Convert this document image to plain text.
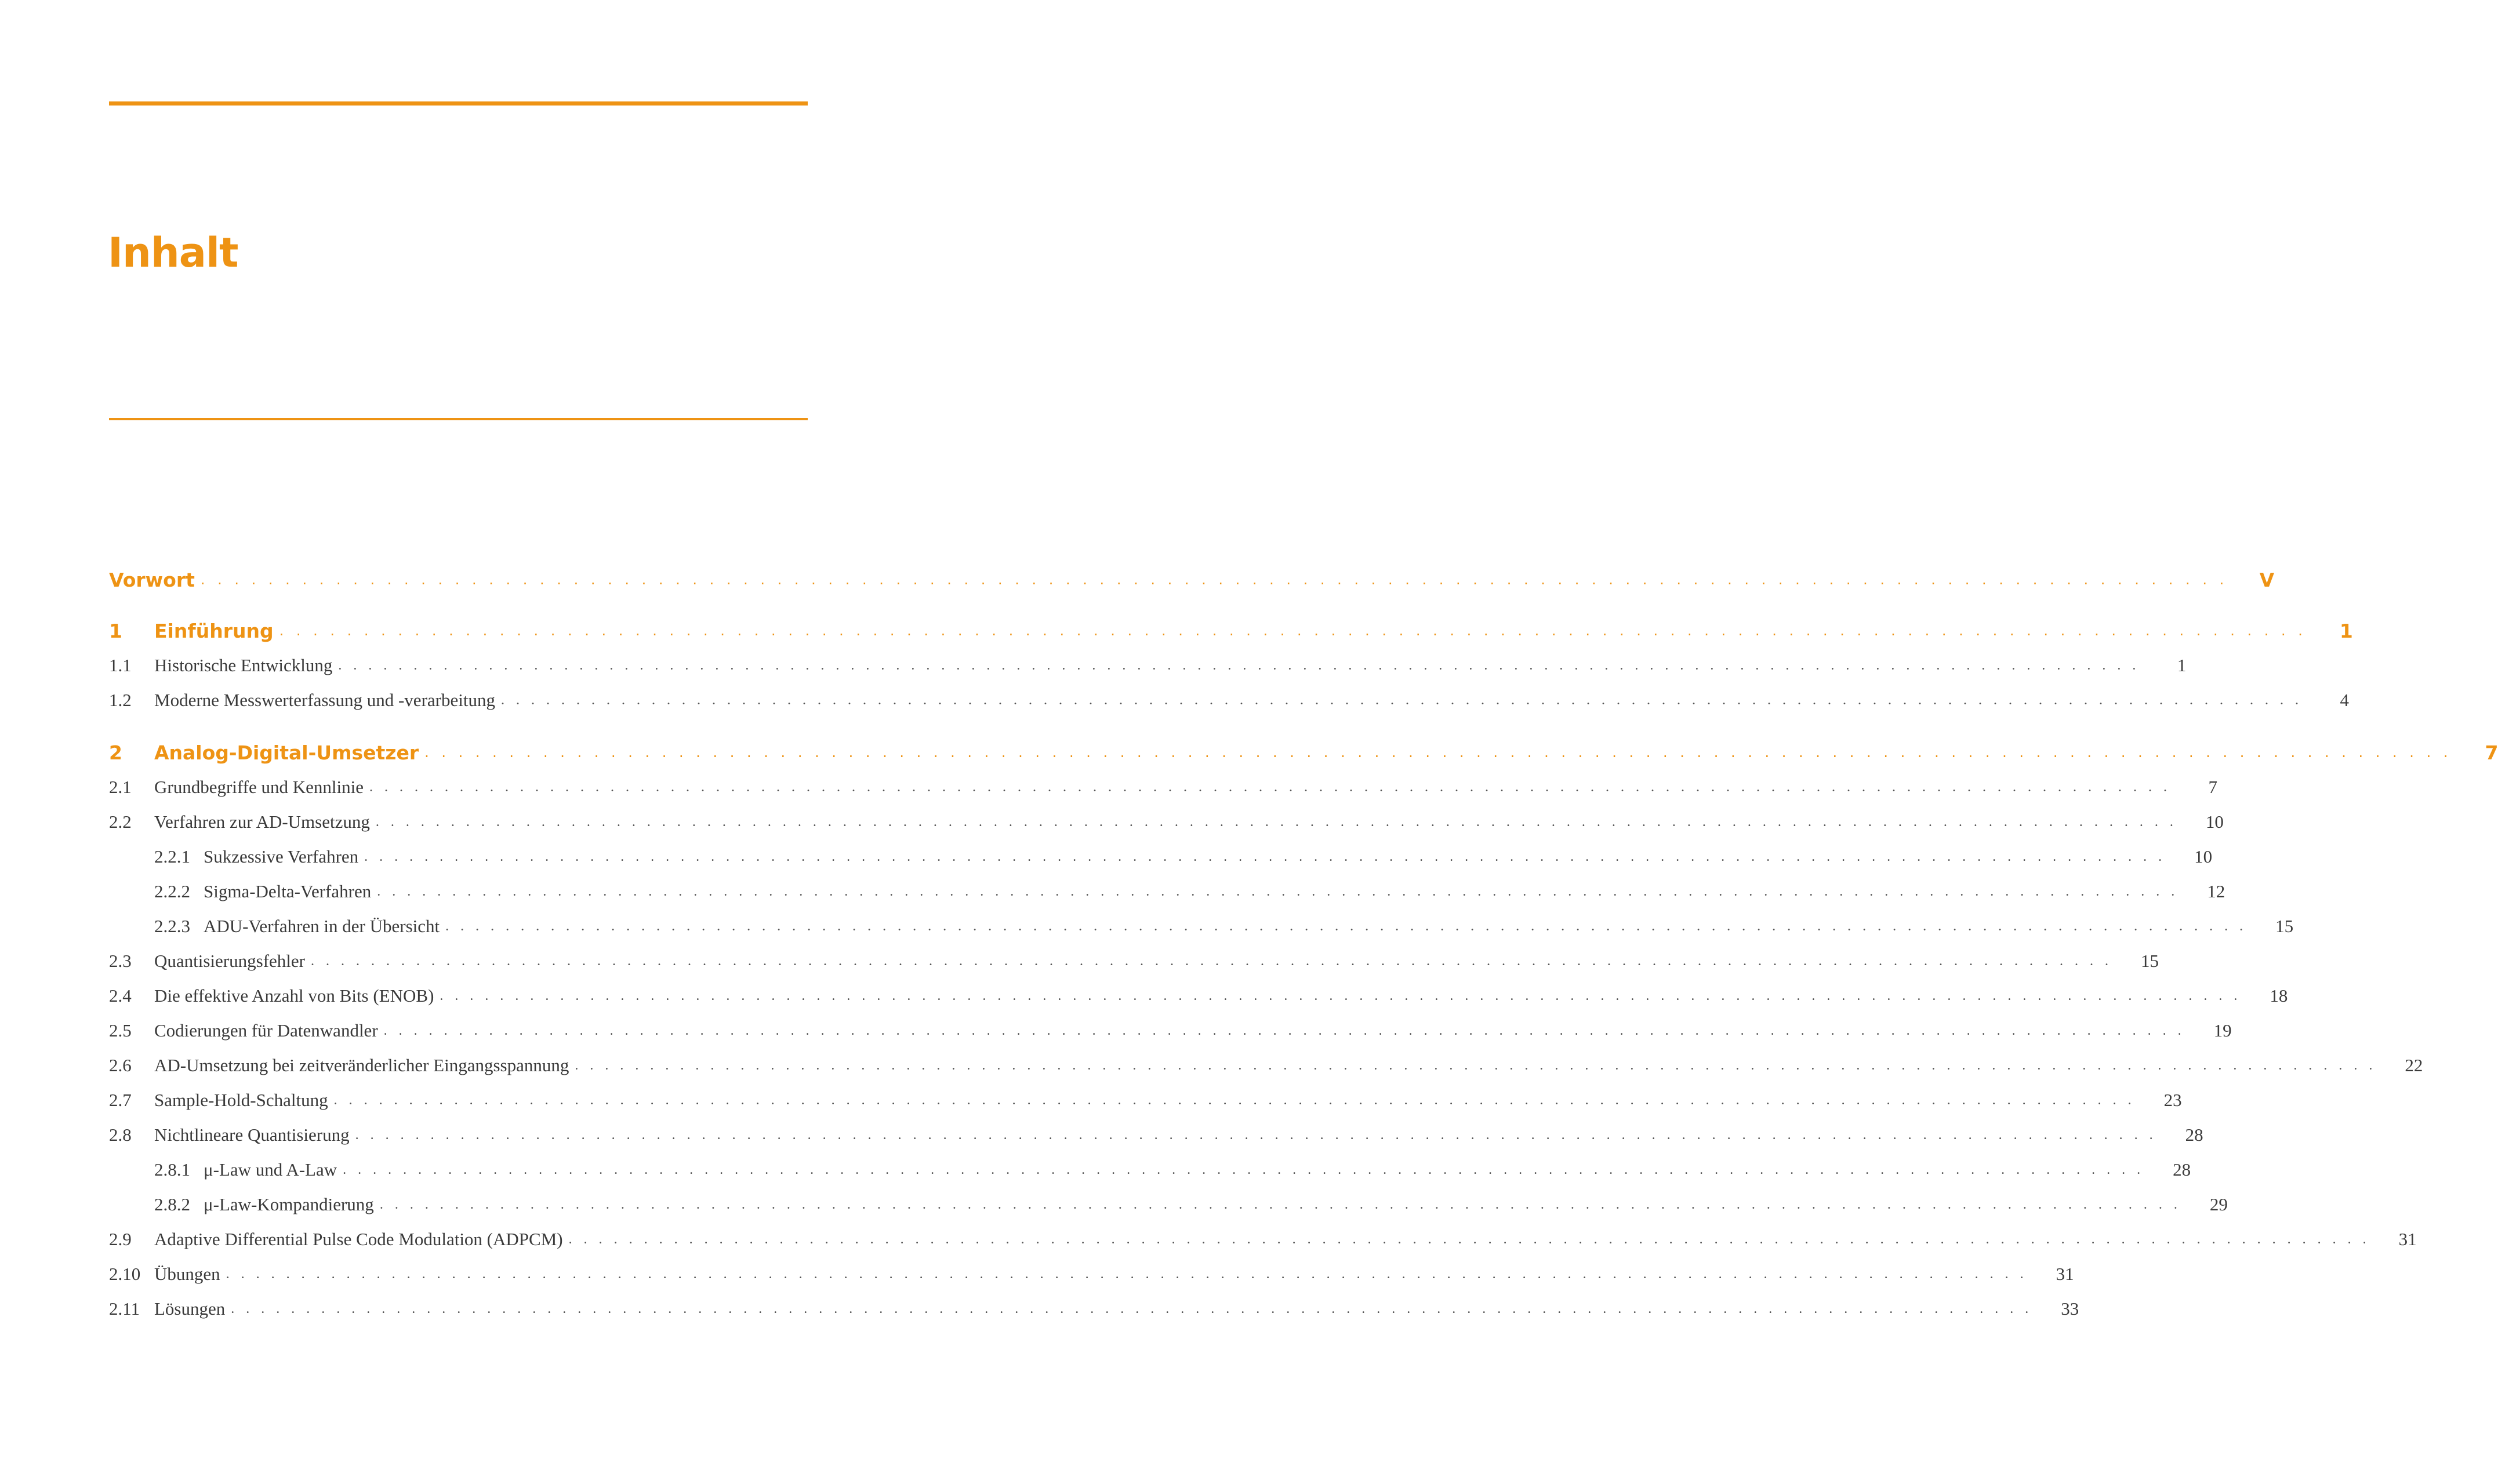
Inhalt
Vorwort . . . . . . . . . . . . . . . . . . . . . . . . . . . . . . . . . . . . . . . . . . . . . . . . . . . . . . . . . . . . . . . . . . . . . . . . . . . . . . . . . . . . . . . . . . . . . . . . . . . . . . . . . . . . . . . . . . . . . . . .	V
1	Einführung . . . . . . . . . . . . . . . . . . . . . . . . . . . . . . . . . . . . . . . . . . . . . . . . . . . . . . . . . . . . . . . . . . . . . . . . . . . . . . . . . . . . . . . . . . . . . . . . . . . . . . . . . . . . . . . . . . . . . . . .	1
1.1	Historische Entwicklung . . . . . . . . . . . . . . . . . . . . . . . . . . . . . . . . . . . . . . . . . . . . . . . . . . . . . . . . . . . . . . . . . . . . . . . . . . . . . . . . . . . . . . . . . . . . . . . . . . . . . . . . . . . . . . . . . . . . . . . .	1
1.2	Moderne Messwerterfassung und -verarbeitung . . . . . . . . . . . . . . . . . . . . . . . . . . . . . . . . . . . . . . . . . . . . . . . . . . . . . . . . . . . . . . . . . . . . . . . . . . . . . . . . . . . . . . . . . . . . . . . . . . . . . . . . . . . . . . . . . . . . . . . .	4
2	Analog-Digital-Umsetzer . . . . . . . . . . . . . . . . . . . . . . . . . . . . . . . . . . . . . . . . . . . . . . . . . . . . . . . . . . . . . . . . . . . . . . . . . . . . . . . . . . . . . . . . . . . . . . . . . . . . . . . . . . . . . . . . . . . . . . . .	7
2.1	Grundbegriffe und Kennlinie . . . . . . . . . . . . . . . . . . . . . . . . . . . . . . . . . . . . . . . . . . . . . . . . . . . . . . . . . . . . . . . . . . . . . . . . . . . . . . . . . . . . . . . . . . . . . . . . . . . . . . . . . . . . . . . . . . . . . . . .	7
2.2	Verfahren zur AD-Umsetzung . . . . . . . . . . . . . . . . . . . . . . . . . . . . . . . . . . . . . . . . . . . . . . . . . . . . . . . . . . . . . . . . . . . . . . . . . . . . . . . . . . . . . . . . . . . . . . . . . . . . . . . . . . . . . . . . . . . . . . . .	10
2.2.1 Sukzessive Verfahren . . . . . . . . . . . . . . . . . . . . . . . . . . . . . . . . . . . . . . . . . . . . . . . . . . . . . . . . . . . . . . . . . . . . . . . . . . . . . . . . . . . . . . . . . . . . . . . . . . . . . . . . . . . . . . . . . . . . . . . .	10
2.2.2 Sigma-Delta-Verfahren . . . . . . . . . . . . . . . . . . . . . . . . . . . . . . . . . . . . . . . . . . . . . . . . . . . . . . . . . . . . . . . . . . . . . . . . . . . . . . . . . . . . . . . . . . . . . . . . . . . . . . . . . . . . . . . . . . . . . . . .	12
2.2.3 ADU-Verfahren in der Übersicht . . . . . . . . . . . . . . . . . . . . . . . . . . . . . . . . . . . . . . . . . . . . . . . . . . . . . . . . . . . . . . . . . . . . . . . . . . . . . . . . . . . . . . . . . . . . . . . . . . . . . . . . . . . . . . . . . . . . . . . .	15
2.3	Quantisierungsfehler . . . . . . . . . . . . . . . . . . . . . . . . . . . . . . . . . . . . . . . . . . . . . . . . . . . . . . . . . . . . . . . . . . . . . . . . . . . . . . . . . . . . . . . . . . . . . . . . . . . . . . . . . . . . . . . . . . . . . . . .	15
2.4	Die effektive Anzahl von Bits (ENOB) . . . . . . . . . . . . . . . . . . . . . . . . . . . . . . . . . . . . . . . . . . . . . . . . . . . . . . . . . . . . . . . . . . . . . . . . . . . . . . . . . . . . . . . . . . . . . . . . . . . . . . . . . . . . . . . . . . . . . . . .	18
2.5	Codierungen für Datenwandler . . . . . . . . . . . . . . . . . . . . . . . . . . . . . . . . . . . . . . . . . . . . . . . . . . . . . . . . . . . . . . . . . . . . . . . . . . . . . . . . . . . . . . . . . . . . . . . . . . . . . . . . . . . . . . . . . . . . . . . .	19
2.6	AD-Umsetzung bei zeitveränderlicher Eingangsspannung . . . . . . . . . . . . . . . . . . . . . . . . . . . . . . . . . . . . . . . . . . . . . . . . . . . . . . . . . . . . . . . . . . . . . . . . . . . . . . . . . . . . . . . . . . . . . . . . . . . . . . . . . . . . . . . . . . . . . . . .	22
2.7	Sample-Hold-Schaltung . . . . . . . . . . . . . . . . . . . . . . . . . . . . . . . . . . . . . . . . . . . . . . . . . . . . . . . . . . . . . . . . . . . . . . . . . . . . . . . . . . . . . . . . . . . . . . . . . . . . . . . . . . . . . . . . . . . . . . . .	23
2.8	Nichtlineare Quantisierung . . . . . . . . . . . . . . . . . . . . . . . . . . . . . . . . . . . . . . . . . . . . . . . . . . . . . . . . . . . . . . . . . . . . . . . . . . . . . . . . . . . . . . . . . . . . . . . . . . . . . . . . . . . . . . . . . . . . . . . .	28
2.8.1 μ-Law und A-Law . . . . . . . . . . . . . . . . . . . . . . . . . . . . . . . . . . . . . . . . . . . . . . . . . . . . . . . . . . . . . . . . . . . . . . . . . . . . . . . . . . . . . . . . . . . . . . . . . . . . . . . . . . . . . . . . . . . . . . . .	28
2.8.2 μ-Law-Kompandierung . . . . . . . . . . . . . . . . . . . . . . . . . . . . . . . . . . . . . . . . . . . . . . . . . . . . . . . . . . . . . . . . . . . . . . . . . . . . . . . . . . . . . . . . . . . . . . . . . . . . . . . . . . . . . . . . . . . . . . . .	29
2.9	Adaptive Differential Pulse Code Modulation (ADPCM) . . . . . . . . . . . . . . . . . . . . . . . . . . . . . . . . . . . . . . . . . . . . . . . . . . . . . . . . . . . . . . . . . . . . . . . . . . . . . . . . . . . . . . . . . . . . . . . . . . . . . . . . . . . . . . . . . . . . . . . .	31
2.10 Übungen . . . . . . . . . . . . . . . . . . . . . . . . . . . . . . . . . . . . . . . . . . . . . . . . . . . . . . . . . . . . . . . . . . . . . . . . . . . . . . . . . . . . . . . . . . . . . . . . . . . . . . . . . . . . . . . . . . . . . . . .	31
2.11 Lösungen . . . . . . . . . . . . . . . . . . . . . . . . . . . . . . . . . . . . . . . . . . . . . . . . . . . . . . . . . . . . . . . . . . . . . . . . . . . . . . . . . . . . . . . . . . . . . . . . . . . . . . . . . . . . . . . . . . . . . . . .	33
